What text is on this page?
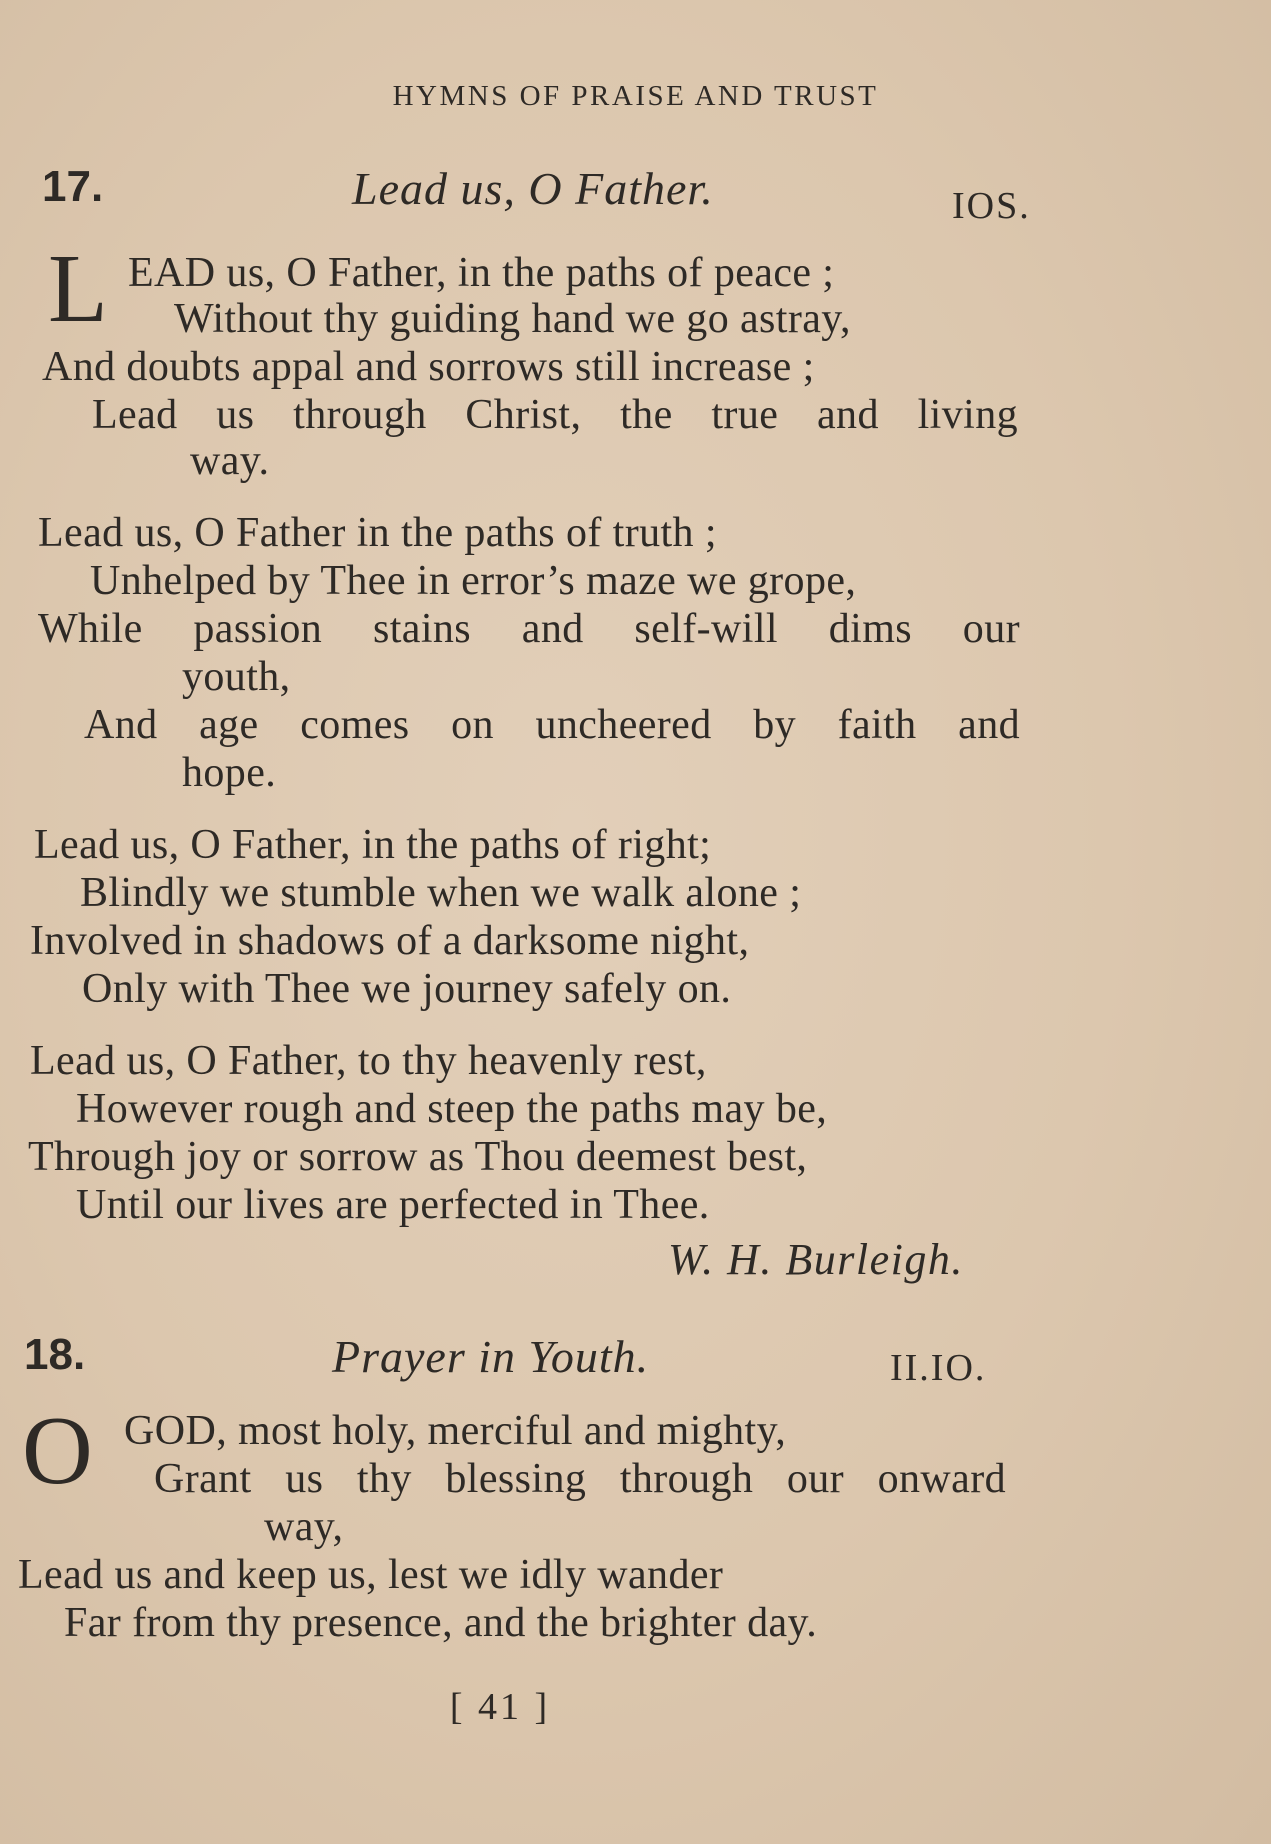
HYMNS OF PRAISE AND TRUST
17.	Lead us, O Father.	IOS.
L EAD us, O Father, in the paths of peace ;
Without thy guiding hand we go astray,
And doubts appal and sorrows still increase ;
Lead us through Christ, the true and living
way.
Lead us, O Father in the paths of truth ;
Unhelped by Thee in error’s maze we grope,
While passion stains and self-will dims our
youth,
And age comes on uncheered by faith and
hope.
Lead us, O Father, in the paths of right;
Blindly we stumble when we walk alone ;
Involved in shadows of a darksome night,
Only with Thee we journey safely on.
Lead us, O Father, to thy heavenly rest,
However rough and steep the paths may be,
Through joy or sorrow as Thou deemest best,
Until our lives are perfected in Thee.
W. H. Burleigh.
18.	Prayer in Youth.	II.IO.
O GOD, most holy, merciful and mighty,
Grant us thy blessing through our onward
way,
Lead us and keep us, lest we idly wander
Far from thy presence, and the brighter day.
[ 41 ]
